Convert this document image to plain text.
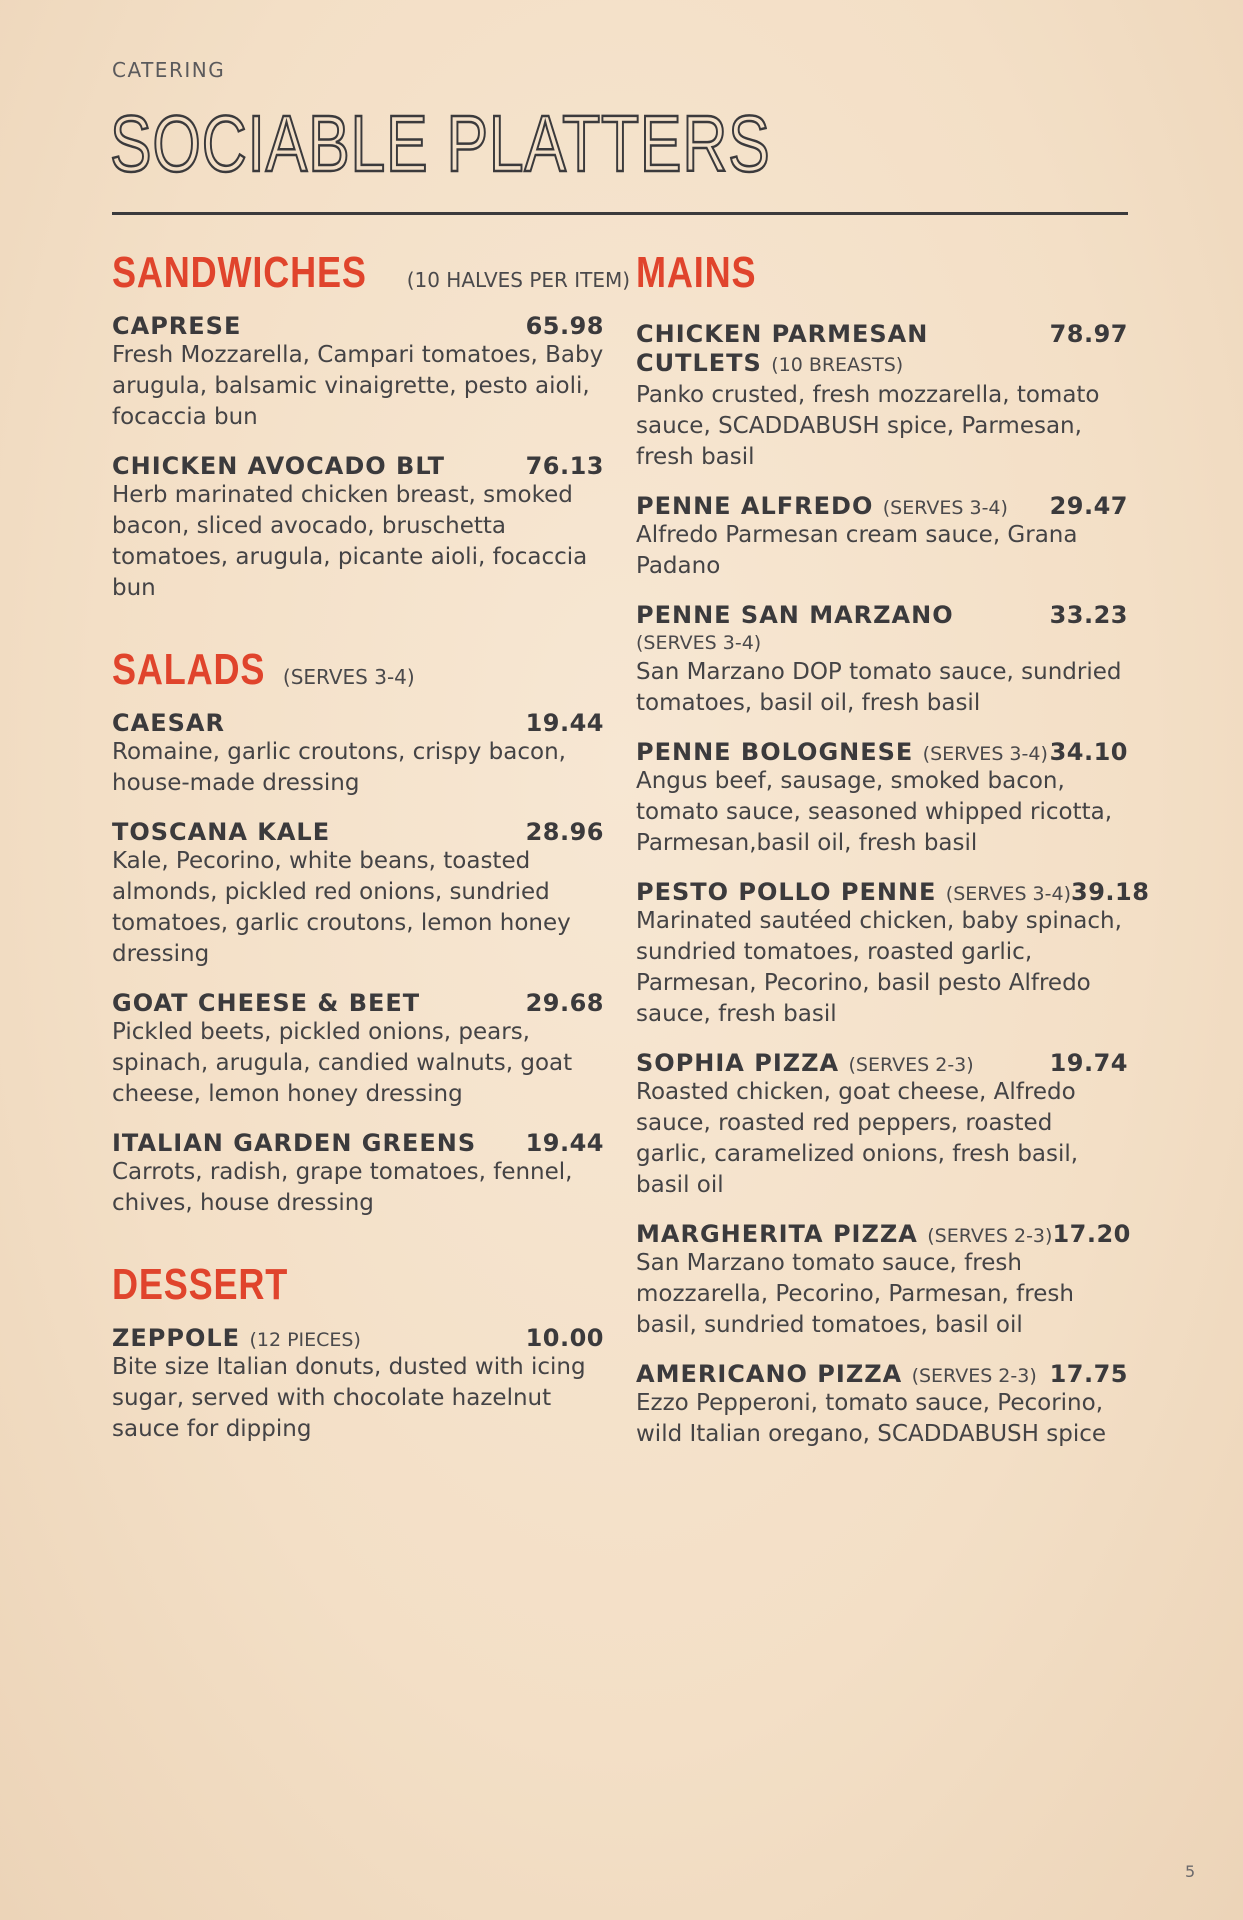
CATERING
SOCIABLE PLATTERS
SANDWICHES (10 HALVES PER ITEM)
CAPRESE	65.98
Fresh Mozzarella, Campari tomatoes, Baby arugula, balsamic vinaigrette, pesto aioli, focaccia bun
CHICKEN AVOCADO BLT	76.13
Herb marinated chicken breast, smoked bacon, sliced avocado, bruschetta tomatoes, arugula, picante aioli, focaccia bun
SALADS (SERVES 3-4)
CAESAR	19.44
Romaine, garlic croutons, crispy bacon, house-made dressing
TOSCANA KALE	28.96
Kale, Pecorino, white beans, toasted almonds, pickled red onions, sundried tomatoes, garlic croutons, lemon honey dressing
GOAT CHEESE & BEET	29.68
Pickled beets, pickled onions, pears, spinach, arugula, candied walnuts, goat cheese, lemon honey dressing
ITALIAN GARDEN GREENS 19.44
Carrots, radish, grape tomatoes, fennel, chives, house dressing
DESSERT
ZEPPOLE (12 PIECES)	10.00
Bite size Italian donuts, dusted with icing sugar, served with chocolate hazelnut sauce for dipping
MAINS
CHICKEN PARMESAN	78.97
CUTLETS (10 BREASTS)
Panko crusted, fresh mozzarella, tomato sauce, SCADDABUSH spice, Parmesan, fresh basil
PENNE ALFREDO (SERVES 3-4) 29.47
Alfredo Parmesan cream sauce, Grana Padano
PENNE SAN MARZANO	33.23
(SERVES 3-4)
San Marzano DOP tomato sauce, sundried tomatoes, basil oil, fresh basil
PENNE BOLOGNESE (SERVES 3-4) 34.10
Angus beef, sausage, smoked bacon, tomato sauce, seasoned whipped ricotta, Parmesan,basil oil, fresh basil
PESTO POLLO PENNE (SERVES 3-4) 39.18
Marinated sautéed chicken, baby spinach, sundried tomatoes, roasted garlic, Parmesan, Pecorino, basil pesto Alfredo sauce, fresh basil
SOPHIA PIZZA (SERVES 2-3)	19.74
Roasted chicken, goat cheese, Alfredo sauce, roasted red peppers, roasted garlic, caramelized onions, fresh basil, basil oil
MARGHERITA PIZZA (SERVES 2-3) 17.20
San Marzano tomato sauce, fresh mozzarella, Pecorino, Parmesan, fresh basil, sundried tomatoes, basil oil
AMERICANO PIZZA (SERVES 2-3) 17.75
Ezzo Pepperoni, tomato sauce, Pecorino, wild Italian oregano, SCADDABUSH spice
5
